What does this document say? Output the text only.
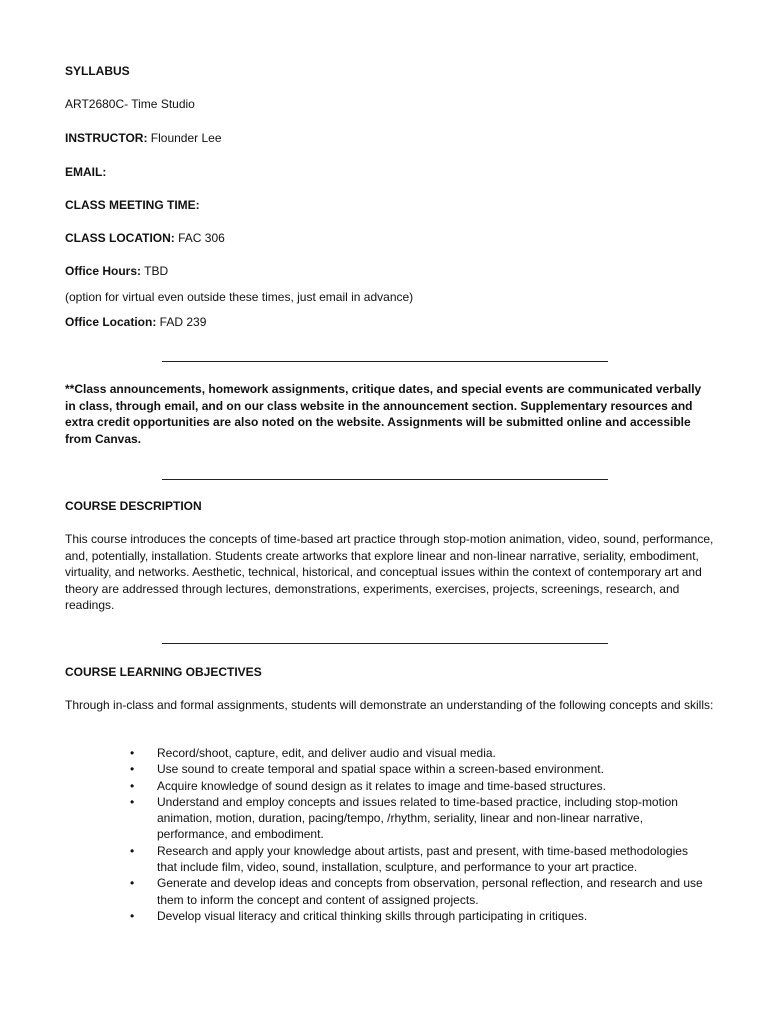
SYLLABUS
ART2680C- Time Studio
INSTRUCTOR: Flounder Lee
EMAIL:
CLASS MEETING TIME:
CLASS LOCATION: FAC 306
Office Hours: TBD
(option for virtual even outside these times, just email in advance)
Office Location: FAD 239
**Class announcements, homework assignments, critique dates, and special events are communicated verbally in class, through email, and on our class website in the announcement section. Supplementary resources and extra credit opportunities are also noted on the website. Assignments will be submitted online and accessible from Canvas.
COURSE DESCRIPTION
This course introduces the concepts of time-based art practice through stop-motion animation, video, sound, performance, and, potentially, installation. Students create artworks that explore linear and non-linear narrative, seriality, embodiment, virtuality, and networks. Aesthetic, technical, historical, and conceptual issues within the context of contemporary art and theory are addressed through lectures, demonstrations, experiments, exercises, projects, screenings, research, and readings.
COURSE LEARNING OBJECTIVES
Through in-class and formal assignments, students will demonstrate an understanding of the following concepts and skills:
• Record/shoot, capture, edit, and deliver audio and visual media.
• Use sound to create temporal and spatial space within a screen-based environment.
• Acquire knowledge of sound design as it relates to image and time-based structures.
• Understand and employ concepts and issues related to time-based practice, including stop-motion animation, motion, duration, pacing/tempo, /rhythm, seriality, linear and non-linear narrative, performance, and embodiment.
• Research and apply your knowledge about artists, past and present, with time-based methodologies that include film, video, sound, installation, sculpture, and performance to your art practice.
• Generate and develop ideas and concepts from observation, personal reflection, and research and use them to inform the concept and content of assigned projects.
• Develop visual literacy and critical thinking skills through participating in critiques.
